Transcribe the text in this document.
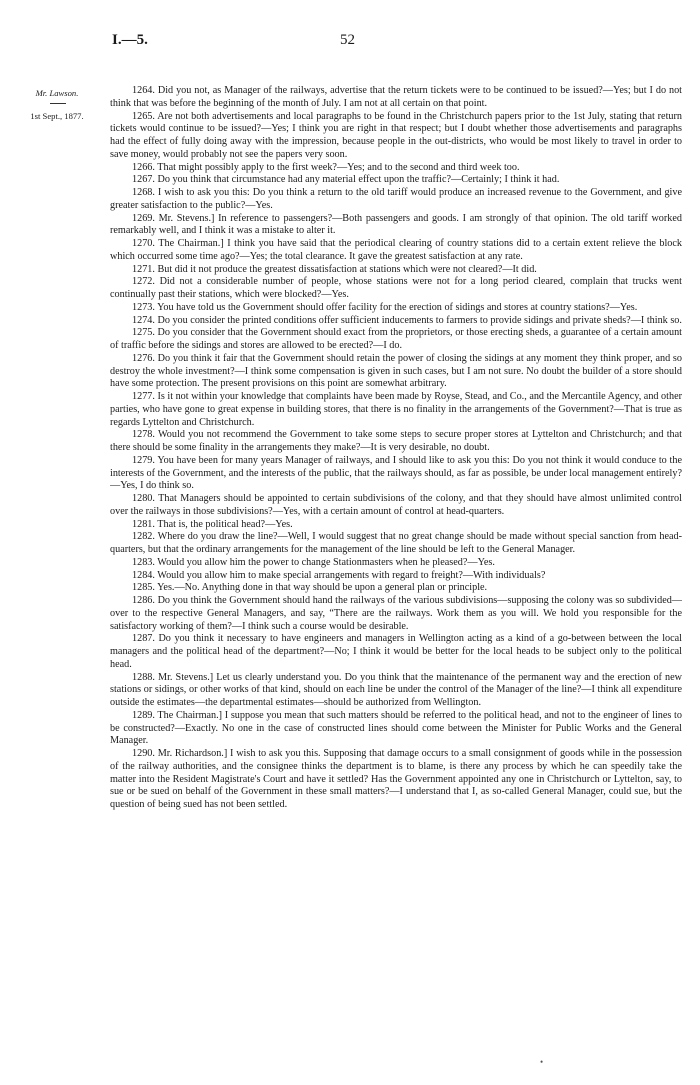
I.—5.	52
Mr. Lawson.
1st Sept., 1877.

1264. Did you not, as Manager of the railways, advertise that the return tickets were to be continued to be issued?—Yes; but I do not think that was before the beginning of the month of July. I am not at all certain on that point.

1265. Are not both advertisements and local paragraphs to be found in the Christchurch papers prior to the 1st July, stating that return tickets would continue to be issued?—Yes; I think you are right in that respect; but I doubt whether those advertisements and paragraphs had the effect of fully doing away with the impression, because people in the out-districts, who would be most likely to travel in order to save money, would probably not see the papers very soon.

1266. That might possibly apply to the first week?—Yes; and to the second and third week too.

1267. Do you think that circumstance had any material effect upon the traffic?—Certainly; I think it had.

1268. I wish to ask you this: Do you think a return to the old tariff would produce an increased revenue to the Government, and give greater satisfaction to the public?—Yes.

1269. Mr. Stevens.] In reference to passengers?—Both passengers and goods. I am strongly of that opinion. The old tariff worked remarkably well, and I think it was a mistake to alter it.

1270. The Chairman.] I think you have said that the periodical clearing of country stations did to a certain extent relieve the block which occurred some time ago?—Yes; the total clearance. It gave the greatest satisfaction at any rate.

1271. But did it not produce the greatest dissatisfaction at stations which were not cleared?—It did.

1272. Did not a considerable number of people, whose stations were not for a long period cleared, complain that trucks went continually past their stations, which were blocked?—Yes.

1273. You have told us the Government should offer facility for the erection of sidings and stores at country stations?—Yes.

1274. Do you consider the printed conditions offer sufficient inducements to farmers to provide sidings and private sheds?—I think so.

1275. Do you consider that the Government should exact from the proprietors, or those erecting sheds, a guarantee of a certain amount of traffic before the sidings and stores are allowed to be erected?—I do.

1276. Do you think it fair that the Government should retain the power of closing the sidings at any moment they think proper, and so destroy the whole investment?—I think some compensation is given in such cases, but I am not sure. No doubt the builder of a store should have some protection. The present provisions on this point are somewhat arbitrary.

1277. Is it not within your knowledge that complaints have been made by Royse, Stead, and Co., and the Mercantile Agency, and other parties, who have gone to great expense in building stores, that there is no finality in the arrangements of the Government?—That is true as regards Lyttelton and Christchurch.

1278. Would you not recommend the Government to take some steps to secure proper stores at Lyttelton and Christchurch; and that there should be some finality in the arrangements they make?—It is very desirable, no doubt.

1279. You have been for many years Manager of railways, and I should like to ask you this: Do you not think it would conduce to the interests of the Government, and the interests of the public, that the railways should, as far as possible, be under local management entirely?—Yes, I do think so.

1280. That Managers should be appointed to certain subdivisions of the colony, and that they should have almost unlimited control over the railways in those subdivisions?—Yes, with a certain amount of control at head-quarters.

1281. That is, the political head?—Yes.

1282. Where do you draw the line?—Well, I would suggest that no great change should be made without special sanction from head-quarters, but that the ordinary arrangements for the management of the line should be left to the General Manager.

1283. Would you allow him the power to change Stationmasters when he pleased?—Yes.

1284. Would you allow him to make special arrangements with regard to freight?—With individuals?

1285. Yes.—No. Anything done in that way should be upon a general plan or principle.

1286. Do you think the Government should hand the railways of the various subdivisions—supposing the colony was so subdivided—over to the respective General Managers, and say, “There are the railways. Work them as you will. We hold you responsible for the satisfactory working of them?—I think such a course would be desirable.

1287. Do you think it necessary to have engineers and managers in Wellington acting as a kind of a go-between between the local managers and the political head of the department?—No; I think it would be better for the local heads to be subject only to the political head.

1288. Mr. Stevens.] Let us clearly understand you. Do you think that the maintenance of the permanent way and the erection of new stations or sidings, or other works of that kind, should on each line be under the control of the Manager of the line?—I think all expenditure outside the estimates—the departmental estimates—should be authorized from Wellington.

1289. The Chairman.] I suppose you mean that such matters should be referred to the political head, and not to the engineer of lines to be constructed?—Exactly. No one in the case of constructed lines should come between the Minister for Public Works and the General Manager.

1290. Mr. Richardson.] I wish to ask you this. Supposing that damage occurs to a small consignment of goods while in the possession of the railway authorities, and the consignee thinks the department is to blame, is there any process by which he can speedily take the matter into the Resident Magistrate's Court and have it settled? Has the Government appointed any one in Christchurch or Lyttelton, say, to sue or be sued on behalf of the Government in these small matters?—I understand that I, as so-called General Manager, could sue, but the question of being sued has not been settled.

•
